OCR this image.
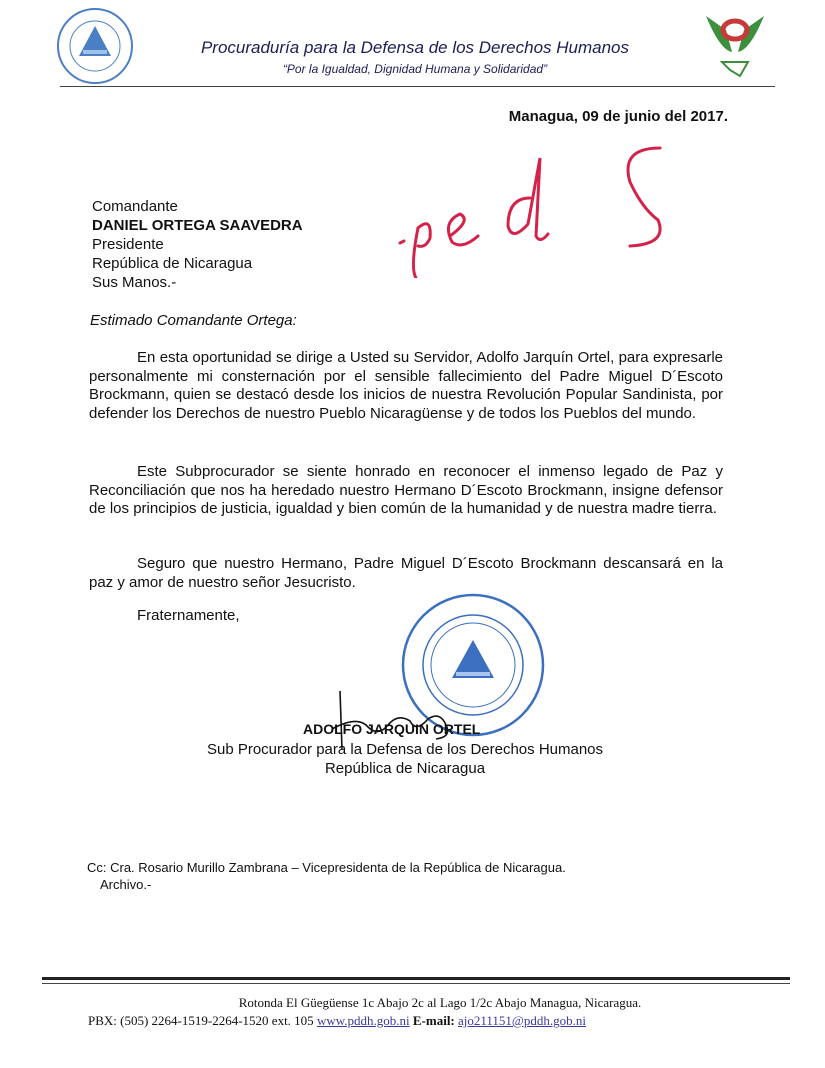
Procuraduría para la Defensa de los Derechos Humanos
“Por la Igualdad, Dignidad Humana y Solidaridad”
Managua, 09 de junio del 2017.
Comandante
DANIEL ORTEGA SAAVEDRA
Presidente
República de Nicaragua
Sus Manos.-
Estimado Comandante Ortega:

En esta oportunidad se dirige a Usted su Servidor, Adolfo Jarquín Ortel, para expresarle personalmente mi consternación por el sensible fallecimiento del Padre Miguel D´Escoto Brockmann, quien se destacó desde los inicios de nuestra Revolución Popular Sandinista, por defender los Derechos de nuestro Pueblo Nicaragüense y de todos los Pueblos del mundo.

Este Subprocurador se siente honrado en reconocer el inmenso legado de Paz y Reconciliación que nos ha heredado nuestro Hermano D´Escoto Brockmann, insigne defensor de los principios de justicia, igualdad y bien común de la humanidad y de nuestra madre tierra.

Seguro que nuestro Hermano, Padre Miguel D´Escoto Brockmann descansará en la paz y amor de nuestro señor Jesucristo.

Fraternamente,
ADOLFO JARQUIN ORTEL
Sub Procurador para la Defensa de los Derechos Humanos
República de Nicaragua
Cc: Cra. Rosario Murillo Zambrana – Vicepresidenta de la República de Nicaragua.
Archivo.-
Rotonda El Güegüense 1c Abajo 2c al Lago 1/2c Abajo Managua, Nicaragua.
PBX: (505) 2264-1519-2264-1520 ext. 105 www.pddh.gob.ni E-mail: ajo211151@pddh.gob.ni
